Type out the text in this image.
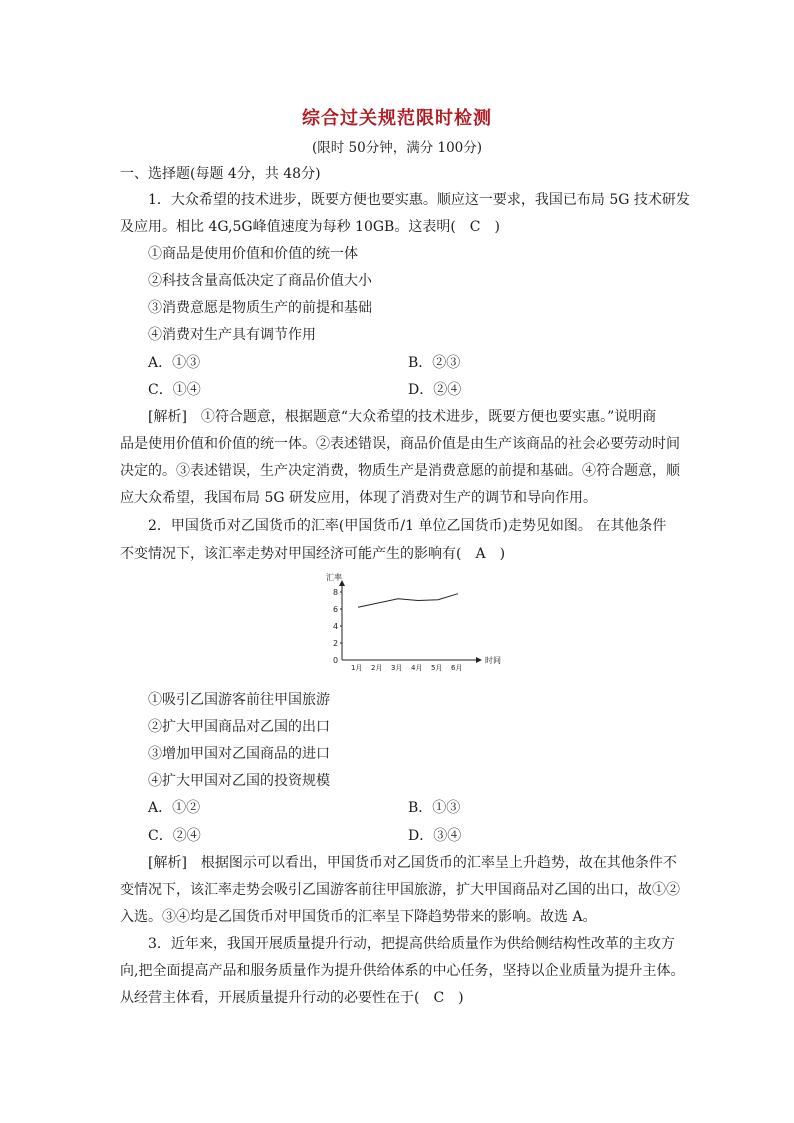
综合过关规范限时检测
(限时 50分钟，满分 100分)
一、选择题(每题 4分，共 48分)
1．大众希望的技术进步，既要方便也要实惠。顺应这一要求，我国已布局 5G 技术研发
及应用。相比 4G,5G峰值速度为每秒 10GB。这表明(　C　)
①商品是使用价值和价值的统一体
②科技含量高低决定了商品价值大小
③消费意愿是物质生产的前提和基础
④消费对生产具有调节作用
A．①③	B．②③
C．①④	D．②④
[解析]　①符合题意，根据题意“大众希望的技术进步，既要方便也要实惠。”说明商
品是使用价值和价值的统一体。②表述错误，商品价值是由生产该商品的社会必要劳动时间
决定的。③表述错误，生产决定消费，物质生产是消费意愿的前提和基础。④符合题意，顺
应大众希望，我国布局 5G 研发应用，体现了消费对生产的调节和导向作用。
2．甲国货币对乙国货币的汇率(甲国货币/1 单位乙国货币)走势见如图。 在其他条件
不变情况下，该汇率走势对甲国经济可能产生的影响有(　A　)
汇率
时间
0
2
4
6
8
1月 2月 3月 4月 5月 6月
①吸引乙国游客前往甲国旅游
②扩大甲国商品对乙国的出口
③增加甲国对乙国商品的进口
④扩大甲国对乙国的投资规模
A．①②	B．①③
C．②④	D．③④
[解析]　根据图示可以看出，甲国货币对乙国货币的汇率呈上升趋势，故在其他条件不
变情况下，该汇率走势会吸引乙国游客前往甲国旅游，扩大甲国商品对乙国的出口，故①②
入选。③④均是乙国货币对甲国货币的汇率呈下降趋势带来的影响。故选 A。
3．近年来，我国开展质量提升行动，把提高供给质量作为供给侧结构性改革的主攻方
向,把全面提高产品和服务质量作为提升供给体系的中心任务，坚持以企业质量为提升主体。
从经营主体看，开展质量提升行动的必要性在于(　C　)
